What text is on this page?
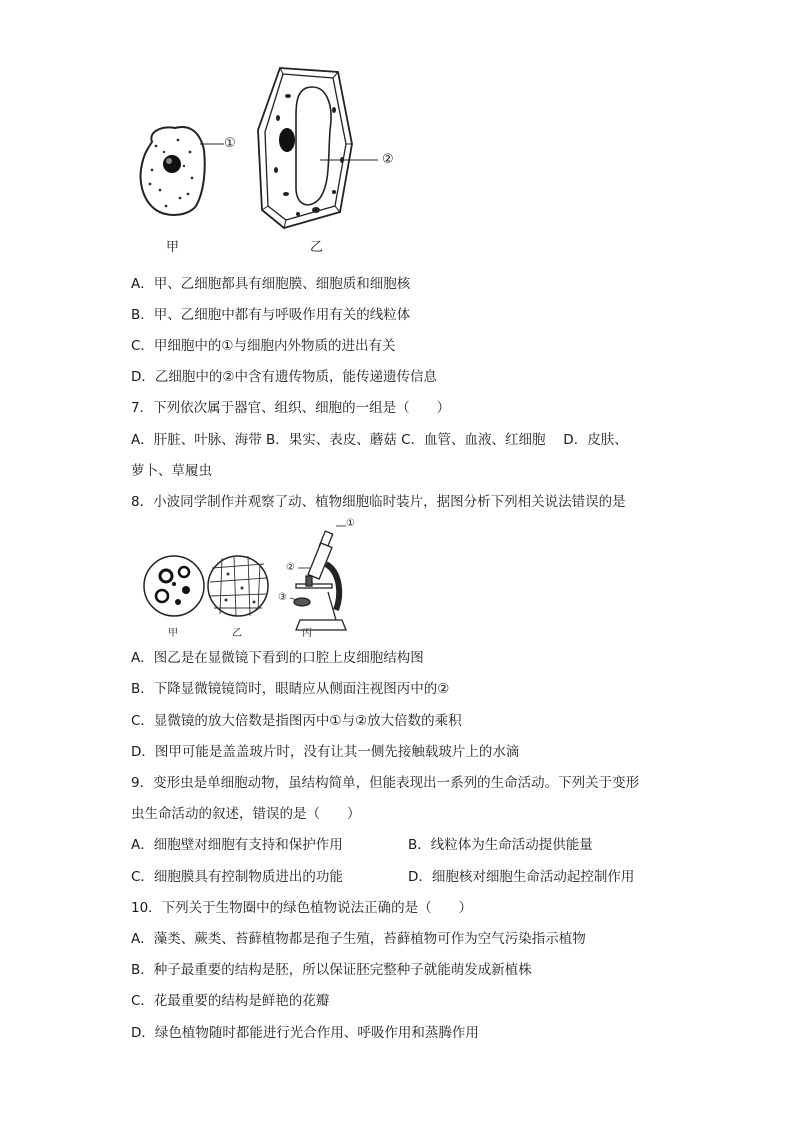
①
②
甲	乙
A．甲、乙细胞都具有细胞膜、细胞质和细胞核
B．甲、乙细胞中都有与呼吸作用有关的线粒体
C．甲细胞中的①与细胞内外物质的进出有关
D．乙细胞中的②中含有遗传物质，能传递遗传信息
7．下列依次属于器官、组织、细胞的一组是（　　）
A．肝脏、叶脉、海带 B．果实、表皮、蘑菇 C．血管、血液、红细胞　 D．皮肤、
萝卜、草履虫
8．小波同学制作并观察了动、植物细胞临时装片，据图分析下列相关说法错误的是
①
②
③
甲	乙	丙
A．图乙是在显微镜下看到的口腔上皮细胞结构图
B．下降显微镜镜筒时，眼睛应从侧面注视图丙中的②
C．显微镜的放大倍数是指图丙中①与②放大倍数的乘积
D．图甲可能是盖盖玻片时，没有让其一侧先接触载玻片上的水滴
9．变形虫是单细胞动物，虽结构简单，但能表现出一系列的生命活动。下列关于变形
虫生命活动的叙述，错误的是（　　）
A．细胞壁对细胞有支持和保护作用	B．线粒体为生命活动提供能量
C．细胞膜具有控制物质进出的功能	D．细胞核对细胞生命活动起控制作用
10．下列关于生物圈中的绿色植物说法正确的是（　　）
A．藻类、蕨类、苔藓植物都是孢子生殖，苔藓植物可作为空气污染指示植物
B．种子最重要的结构是胚，所以保证胚完整种子就能萌发成新植株
C．花最重要的结构是鲜艳的花瓣
D．绿色植物随时都能进行光合作用、呼吸作用和蒸腾作用
